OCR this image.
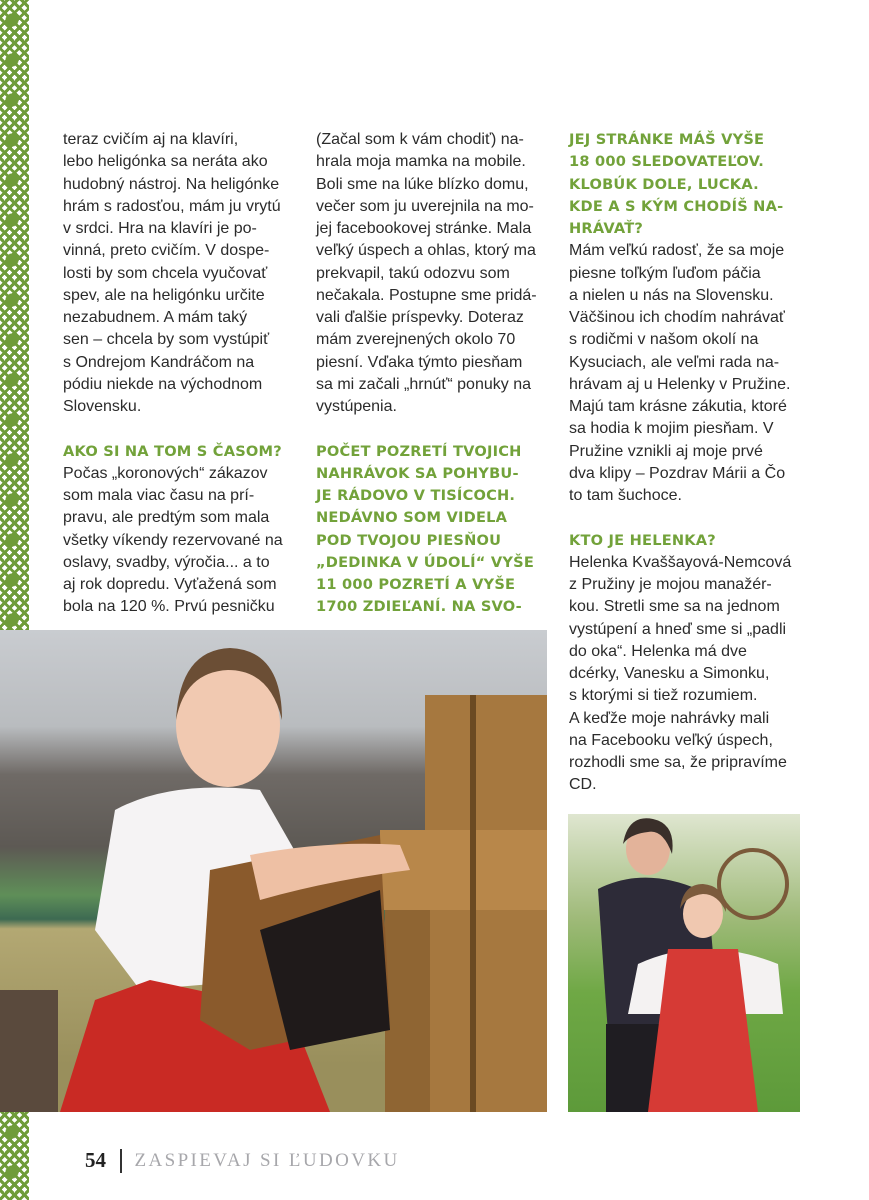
teraz cvičím aj na klavíri,
lebo heligónka sa neráta ako
hudobný nástroj. Na heligónke
hrám s radosťou, mám ju vrytú
v srdci. Hra na klavíri je po-
vinná, preto cvičím. V dospe-
losti by som chcela vyučovať
spev, ale na heligónku určite
nezabudnem. A mám taký
sen – chcela by som vystúpiť
s Ondrejom Kandráčom na
pódiu niekde na východnom
Slovensku.
AKO SI NA TOM S ČASOM?
Počas „koronových“ zákazov
som mala viac času na prí-
pravu, ale predtým som mala
všetky víkendy rezervované na
oslavy, svadby, výročia... a to
aj rok dopredu. Vyťažená som
bola na 120 %. Prvú pesničku
(Začal som k vám chodiť) na-
hrala moja mamka na mobile.
Boli sme na lúke blízko domu,
večer som ju uverejnila na mo-
jej facebookovej stránke. Mala
veľký úspech a ohlas, ktorý ma
prekvapil, takú odozvu som
nečakala. Postupne sme pridá-
vali ďalšie príspevky. Doteraz
mám zverejnených okolo 70
piesní. Vďaka týmto piesňam
sa mi začali „hrnúť“ ponuky na
vystúpenia.
POČET POZRETÍ TVOJICH
NAHRÁVOK SA POHYBU-
JE RÁDOVO V TISÍCOCH.
NEDÁVNO SOM VIDELA
POD TVOJOU PIESŇOU
„DEDINKA V ÚDOLÍ“ VYŠE
11 000 POZRETÍ A VYŠE
1700 ZDIEĽANÍ. NA SVO-
JEJ STRÁNKE MÁŠ VYŠE
18 000 SLEDOVATEĽOV.
KLOBÚK DOLE, LUCKA.
KDE A S KÝM CHODÍŠ NA-
HRÁVAŤ?
Mám veľkú radosť, že sa moje
piesne toľkým ľuďom páčia
a nielen u nás na Slovensku.
Väčšinou ich chodím nahrávať
s rodičmi v našom okolí na
Kysuciach, ale veľmi rada na-
hrávam aj u Helenky v Pružine.
Majú tam krásne zákutia, ktoré
sa hodia k mojim piesňam. V
Pružine vznikli aj moje prvé
dva klipy – Pozdrav Márii a Čo
to tam šuchoce.
KTO JE HELENKA?
Helenka Kvaššayová-Nemcová
z Pružiny je mojou manažér-
kou. Stretli sme sa na jednom
vystúpení a hneď sme si „padli
do oka“. Helenka má dve
dcérky, Vanesku a Simonku,
s ktorými si tiež rozumiem.
A keďže moje nahrávky mali
na Facebooku veľký úspech,
rozhodli sme sa, že pripravíme
CD.
54 ZASPIEVAJ SI ĽUDOVKU
